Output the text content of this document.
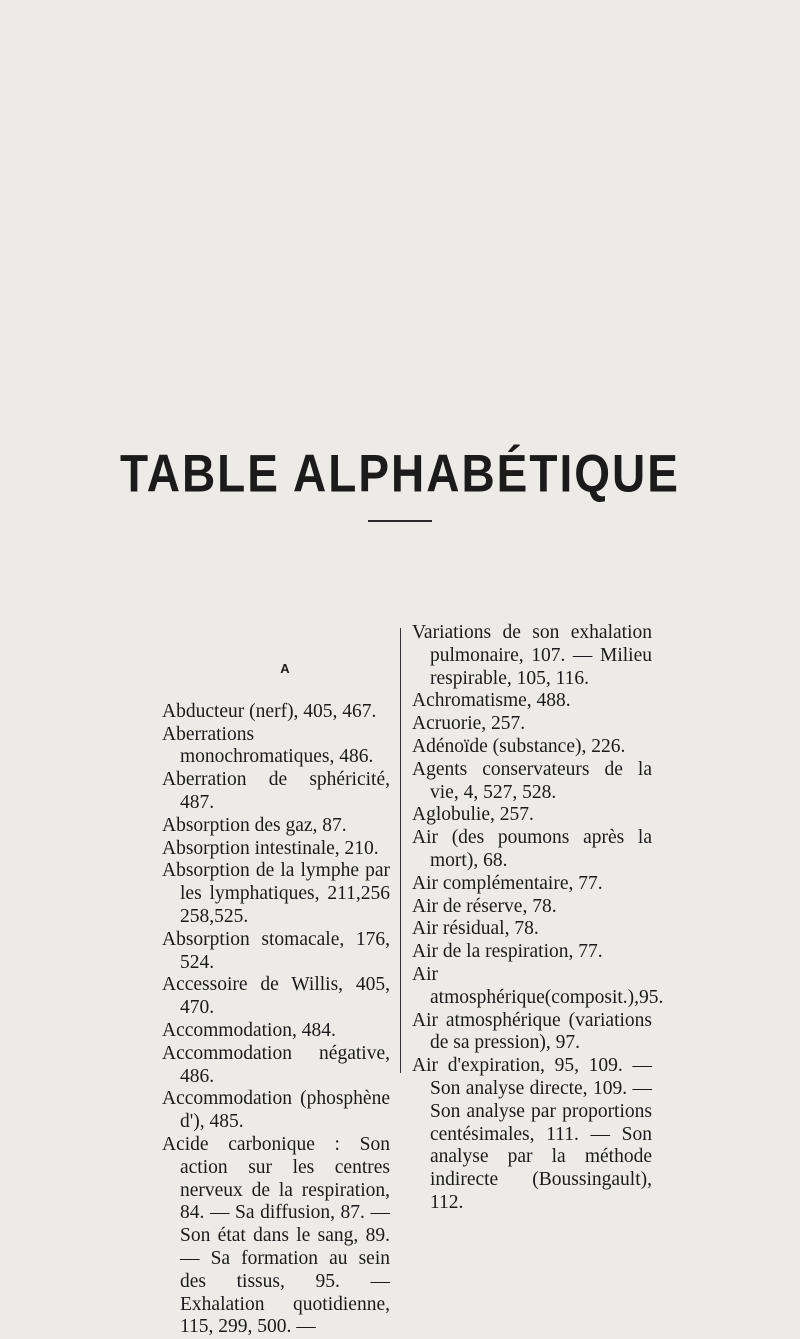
TABLE ALPHABÉTIQUE
A

Abducteur (nerf), 405, 467.

Aberrations monochromatiques, 486.

Aberration de sphéricité, 487.

Absorption des gaz, 87.

Absorption intestinale, 210.

Absorption de la lymphe par les lymphatiques, 211,256 258,525.

Absorption stomacale, 176, 524.

Accessoire de Willis, 405, 470.

Accommodation, 484.

Accommodation négative, 486.

Accommodation (phosphène d'), 485.

Acide carbonique : Son action sur les centres nerveux de la respiration, 84. — Sa diffusion, 87. — Son état dans le sang, 89. — Sa formation au sein des tissus, 95. — Exhalation quotidienne, 115, 299, 500. —

Variations de son exhalation pulmonaire, 107. — Milieu respirable, 105, 116.

Achromatisme, 488.

Acruorie, 257.

Adénoïde (substance), 226.

Agents conservateurs de la vie, 4, 527, 528.

Aglobulie, 257.

Air (des poumons après la mort), 68.

Air complémentaire, 77.

Air de réserve, 78.

Air résidual, 78.

Air de la respiration, 77.

Air atmosphérique(composit.),95.

Air atmosphérique (variations de sa pression), 97.

Air d'expiration, 95, 109. — Son analyse directe, 109. — Son analyse par proportions centésimales, 111. — Son analyse par la méthode indirecte (Boussingault), 112.
